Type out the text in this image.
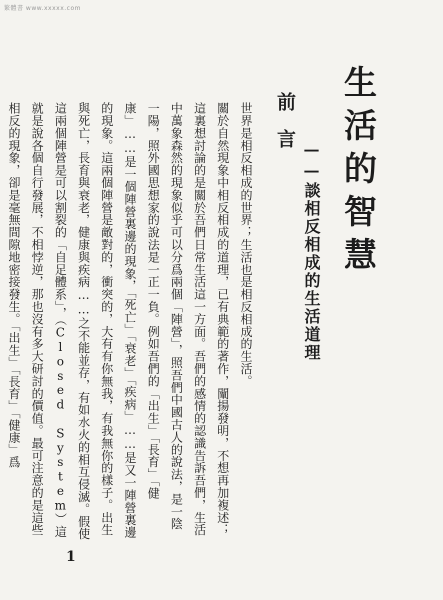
繁體書 www.xxxxx.com
生活的智慧
——談相反相成的生活道理
前言

世界是相反相成的世界；生活也是相反相成的生活。

關於自然現象中相反相成的道理，已有典範的著作，闡揚發明，不想再加複述；這裏想討論的是關於吾們日常生活這一方面。吾們的感情的認識告訴吾們，生活中萬象森然的現象似乎可以分爲兩個「陣營」，照吾們中國古人的說法，是一陰一陽，照外國思想家的說法是一正一負。例如吾們的「出生」「長育」「健康」……是一個陣營裏邊的現象，「死亡」「衰老」「疾病」……是又一陣營裏邊的現象。這兩個陣營是敵對的，衝突的，大有有你無我，有我無你的樣子。出生與死亡，長育與衰老，健康與疾病……之不能並存，有如水火的相互侵滅。假使這兩個陣營是可以割裂的「自足體系」，（Closed System）這就是說各個自行發展，不相悖逆，那也沒有多大研討的價值。最可注意的是這些相反的現象，卻是毫無間隙地密接發生。「出生」「長育」「健康」爲

1
